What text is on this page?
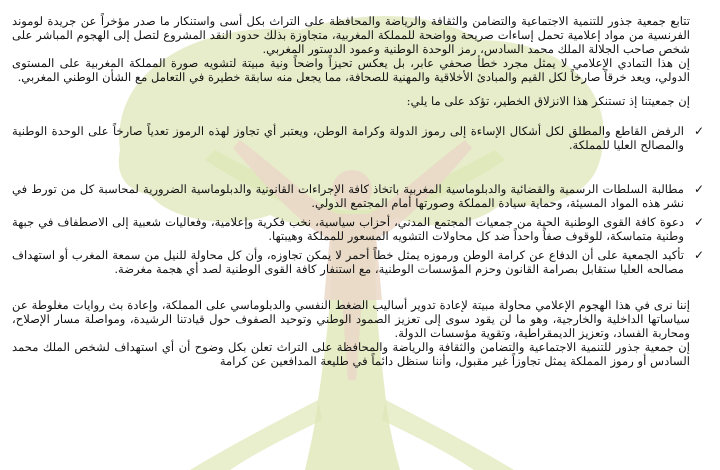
تتابع جمعية جذور للتنمية الاجتماعية والتضامن والثقافة والرياضة والمحافظة على التراث بكل أسى واستنكار ما صدر مؤخراً عن جريدة لوموند الفرنسية من مواد إعلامية تحمل إساءات صريحة وواضحة للمملكة المغربية، متجاوزة بذلك حدود النقد المشروع لتصل إلى الهجوم المباشر على شخص صاحب الجلالة الملك محمد السادس، رمز الوحدة الوطنية وعمود الدستور المغربي.

إن هذا التمادي الإعلامي لا يمثل مجرد خطأ صحفي عابر، بل يعكس تحيزاً واضحاً ونية مبيتة لتشويه صورة المملكة المغربية على المستوى الدولي، ويعد خرقاً صارخاً لكل القيم والمبادئ الأخلاقية والمهنية للصحافة، مما يجعل منه سابقة خطيرة في التعامل مع الشأن الوطني المغربي.

إن جمعيتنا إذ تستنكر هذا الانزلاق الخطير، تؤكد على ما يلي:

✓
الرفض القاطع والمطلق لكل أشكال الإساءة إلى رموز الدولة وكرامة الوطن، ويعتبر أي تجاوز لهذه الرموز تعدياً صارخاً على الوحدة الوطنية والمصالح العليا للمملكة.
✓
مطالبة السلطات الرسمية والقضائية والدبلوماسية المغربية باتخاذ كافة الإجراءات القانونية والدبلوماسية الضرورية لمحاسبة كل من تورط في نشر هذه المواد المسيئة، وحماية سيادة المملكة وصورتها أمام المجتمع الدولي.
✓
دعوة كافة القوى الوطنية الحية من جمعيات المجتمع المدني، أحزاب سياسية، نخب فكرية وإعلامية، وفعاليات شعبية إلى الاصطفاف في جبهة وطنية متماسكة، للوقوف صفاً واحداً ضد كل محاولات التشويه المسعور للمملكة وهيبتها.
✓
تأكيد الجمعية على أن الدفاع عن كرامة الوطن ورموزه يمثل خطاً أحمر لا يمكن تجاوزه، وأن كل محاولة للنيل من سمعة المغرب أو استهداف مصالحه العليا ستقابل بصرامة القانون وحزم المؤسسات الوطنية، مع استنفار كافة القوى الوطنية لصد أي هجمة مغرضة.

إننا نرى في هذا الهجوم الإعلامي محاولة مبيتة لإعادة تدوير أساليب الضغط النفسي والدبلوماسي على المملكة، وإعادة بث روايات مغلوطة عن سياساتها الداخلية والخارجية، وهو ما لن يقود سوى إلى تعزيز الصمود الوطني وتوحيد الصفوف حول قيادتنا الرشيدة، ومواصلة مسار الإصلاح، ومحاربة الفساد، وتعزيز الديمقراطية، وتقوية مؤسسات الدولة.

إن جمعية جذور للتنمية الاجتماعية والتضامن والثقافة والرياضة والمحافظة على التراث تعلن بكل وضوح أن أي استهداف لشخص الملك محمد السادس أو رموز المملكة يمثل تجاوزاً غير مقبول، وأننا سنظل دائماً في طليعة المدافعين عن كرامة
